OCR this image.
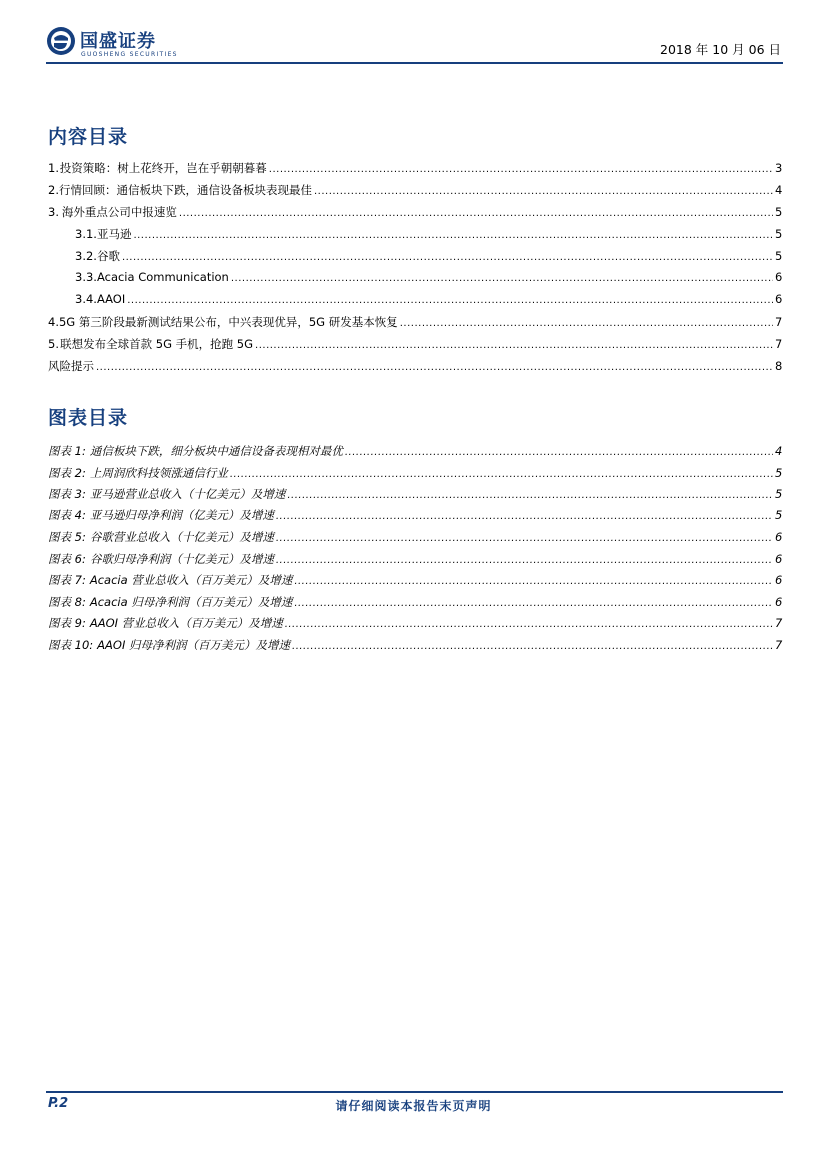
国盛证券
GUOSHENG SECURITIES	2018 年 10 月 06 日
内容目录
1. 投资策略：树上花终开，岂在乎朝朝暮暮 .....	3
2. 行情回顾：通信板块下跌，通信设备板块表现最佳 .....	4
3. 海外重点公司中报速览 .....	5
3.1. 亚马逊 .....	5
3.2. 谷歌 .....	5
3.3. Acacia Communication .....	6
3.4. AAOI .....	6
4. 5G 第三阶段最新测试结果公布，中兴表现优异，5G 研发基本恢复 .....	7
5. 联想发布全球首款 5G 手机，抢跑 5G .....	7
风险提示 .....	8
图表目录
图表 1: 通信板块下跌，细分板块中通信设备表现相对最优 .....	4
图表 2: 上周润欣科技领涨通信行业 .....	5
图表 3: 亚马逊营业总收入（十亿美元）及增速 .....	5
图表 4: 亚马逊归母净利润（亿美元）及增速 .....	5
图表 5: 谷歌营业总收入（十亿美元）及增速 .....	6
图表 6: 谷歌归母净利润（十亿美元）及增速 .....	6
图表 7: Acacia 营业总收入（百万美元）及增速 .....	6
图表 8: Acacia 归母净利润（百万美元）及增速 .....	6
图表 9: AAOI 营业总收入（百万美元）及增速 .....	7
图表 10: AAOI 归母净利润（百万美元）及增速 .....	7
P.2	请仔细阅读本报告末页声明
